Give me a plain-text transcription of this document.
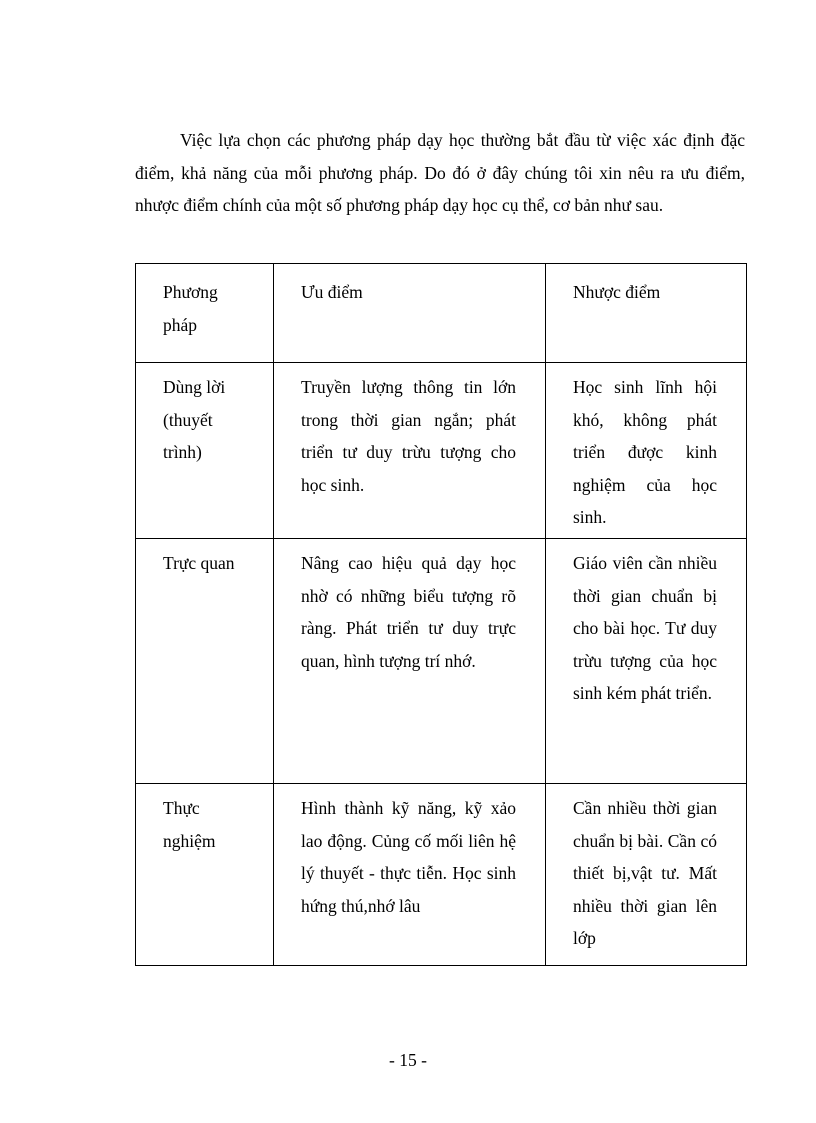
Việc lựa chọn các phương pháp dạy học thường bắt đầu từ việc xác định đặc điểm, khả năng của mỗi phương pháp. Do đó ở đây chúng tôi xin nêu ra ưu điểm, nhược điểm chính của một số phương pháp dạy học cụ thể, cơ bản như sau.

Phương pháp	Ưu điểm	Nhược điểm
Dùng lời (thuyết trình)	Truyền lượng thông tin lớn trong thời gian ngắn; phát triển tư duy trừu tượng cho học sinh.	Học sinh lĩnh hội khó, không phát triển được kinh nghiệm của học sinh.
Trực quan	Nâng cao hiệu quả dạy học nhờ có những biểu tượng rõ ràng. Phát triển tư duy trực quan, hình tượng trí nhớ.	Giáo viên cần nhiều thời gian chuẩn bị cho bài học. Tư duy trừu tượng của học sinh kém phát triển.
Thực nghiệm	Hình thành kỹ năng, kỹ xảo lao động. Củng cố mối liên hệ lý thuyết - thực tiễn. Học sinh hứng thú,nhớ lâu	Cần nhiều thời gian chuẩn bị bài. Cần có thiết bị,vật tư. Mất nhiều thời gian lên lớp
- 15 -
